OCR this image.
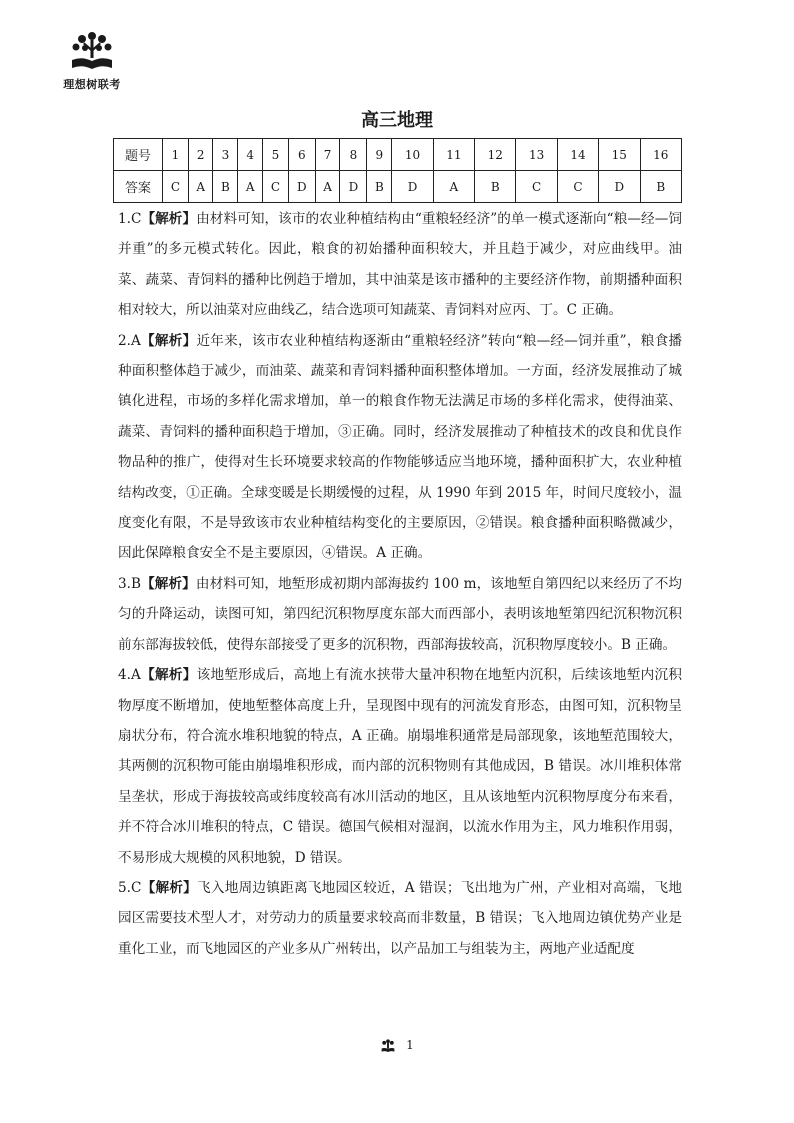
理想树联考
高三地理
题号	1	2	3	4	5	6	7	8	9	10	11	12	13	14	15	16
答案	C	A	B	A	C	D	A	D	B	D	A	B	C	C	D	B

1.C【解析】由材料可知，该市的农业种植结构由“重粮轻经济”的单一模式逐渐向“粮—经—饲并重”的多元模式转化。因此，粮食的初始播种面积较大，并且趋于减少，对应曲线甲。油菜、蔬菜、青饲料的播种比例趋于增加，其中油菜是该市播种的主要经济作物，前期播种面积相对较大，所以油菜对应曲线乙，结合选项可知蔬菜、青饲料对应丙、丁。C 正确。

2.A【解析】近年来，该市农业种植结构逐渐由“重粮轻经济”转向“粮—经—饲并重”，粮食播种面积整体趋于减少，而油菜、蔬菜和青饲料播种面积整体增加。一方面，经济发展推动了城镇化进程，市场的多样化需求增加，单一的粮食作物无法满足市场的多样化需求，使得油菜、蔬菜、青饲料的播种面积趋于增加，③正确。同时，经济发展推动了种植技术的改良和优良作物品种的推广，使得对生长环境要求较高的作物能够适应当地环境，播种面积扩大，农业种植结构改变，①正确。全球变暖是长期缓慢的过程，从 1990 年到 2015 年，时间尺度较小，温度变化有限，不是导致该市农业种植结构变化的主要原因，②错误。粮食播种面积略微减少，因此保障粮食安全不是主要原因，④错误。A 正确。

3.B【解析】由材料可知，地堑形成初期内部海拔约 100 m，该地堑自第四纪以来经历了不均匀的升降运动，读图可知，第四纪沉积物厚度东部大而西部小，表明该地堑第四纪沉积物沉积前东部海拔较低，使得东部接受了更多的沉积物，西部海拔较高，沉积物厚度较小。B 正确。

4.A【解析】该地堑形成后，高地上有流水挟带大量冲积物在地堑内沉积，后续该地堑内沉积物厚度不断增加，使地堑整体高度上升，呈现图中现有的河流发育形态，由图可知，沉积物呈扇状分布，符合流水堆积地貌的特点，A 正确。崩塌堆积通常是局部现象，该地堑范围较大，其两侧的沉积物可能由崩塌堆积形成，而内部的沉积物则有其他成因，B 错误。冰川堆积体常呈垄状，形成于海拔较高或纬度较高有冰川活动的地区，且从该地堑内沉积物厚度分布来看，并不符合冰川堆积的特点，C 错误。德国气候相对湿润，以流水作用为主，风力堆积作用弱，不易形成大规模的风积地貌，D 错误。

5.C【解析】飞入地周边镇距离飞地园区较近，A 错误；飞出地为广州，产业相对高端，飞地园区需要技术型人才，对劳动力的质量要求较高而非数量，B 错误；飞入地周边镇优势产业是重化工业，而飞地园区的产业多从广州转出，以产品加工与组装为主，两地产业适配度

1
